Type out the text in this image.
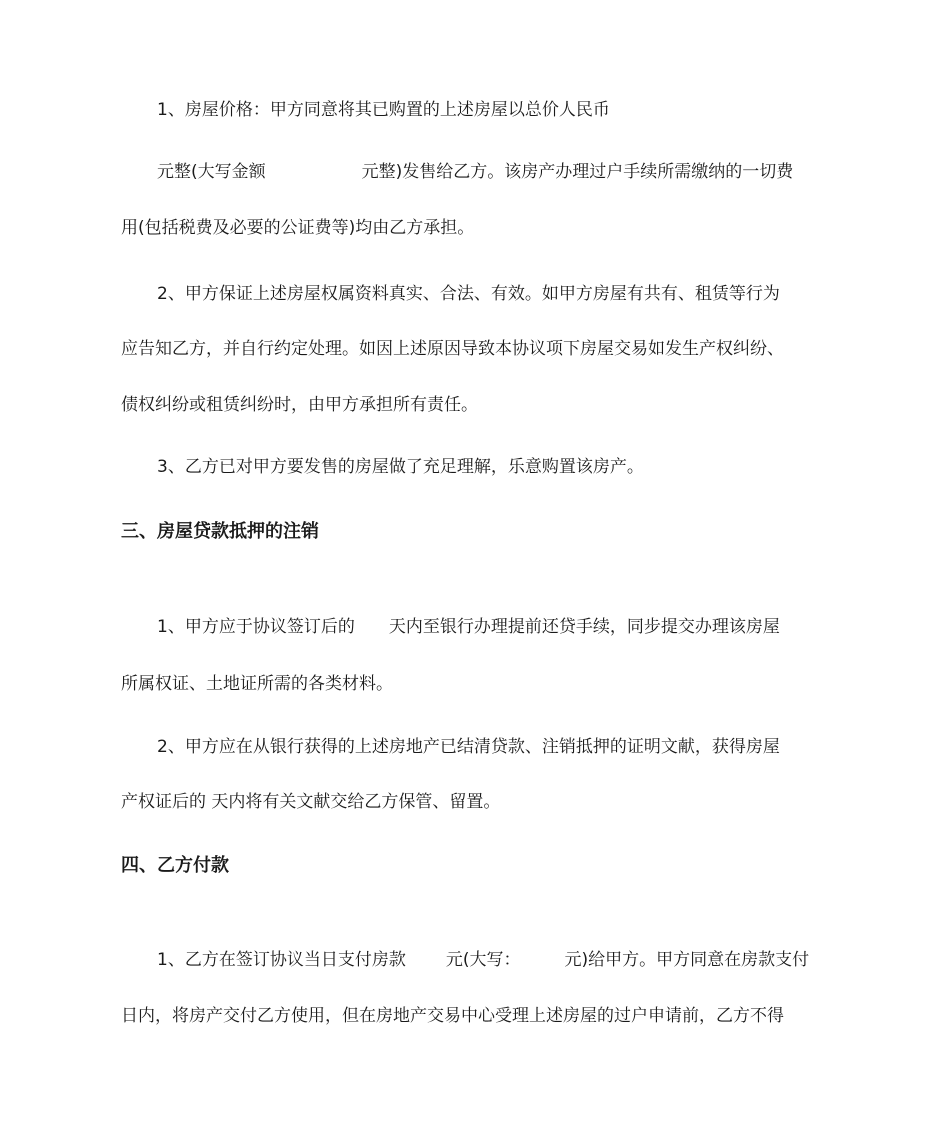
1、房屋价格：甲方同意将其已购置的上述房屋以总价人民币
元整(大写金额	元整)发售给乙方。该房产办理过户手续所需缴纳的一切费
用(包括税费及必要的公证费等)均由乙方承担。
2、甲方保证上述房屋权属资料真实、合法、有效。如甲方房屋有共有、租赁等行为
应告知乙方，并自行约定处理。如因上述原因导致本协议项下房屋交易如发生产权纠纷、
债权纠纷或租赁纠纷时，由甲方承担所有责任。
3、乙方已对甲方要发售的房屋做了充足理解，乐意购置该房产。
三、房屋贷款抵押的注销
1、甲方应于协议签订后的 天内至银行办理提前还贷手续，同步提交办理该房屋
所属权证、土地证所需的各类材料。
2、甲方应在从银行获得的上述房地产已结清贷款、注销抵押的证明文献，获得房屋
产权证后的 天内将有关文献交给乙方保管、留置。
四、乙方付款
1、乙方在签订协议当日支付房款 元(大写：	元)给甲方。甲方同意在房款支付
日内，将房产交付乙方使用，但在房地产交易中心受理上述房屋的过户申请前，乙方不得
